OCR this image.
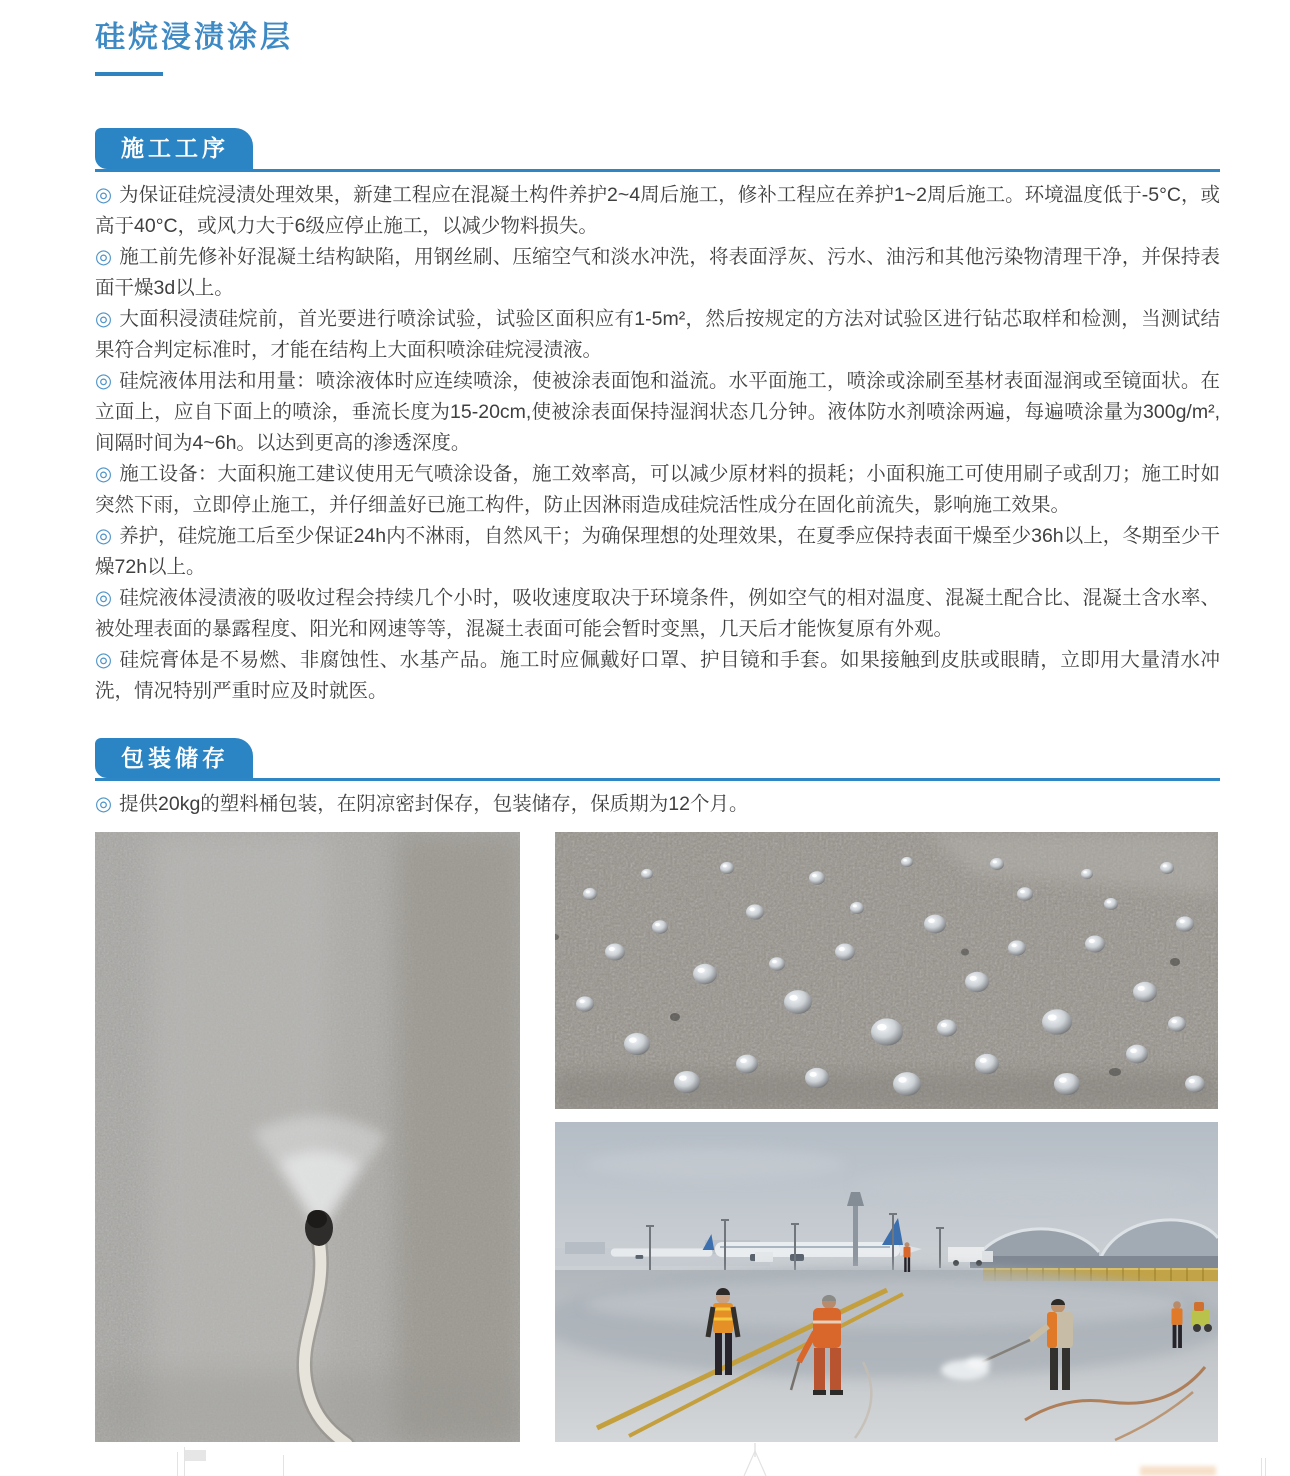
硅烷浸渍涂层
施工工序

◎ 为保证硅烷浸渍处理效果，新建工程应在混凝土构件养护2~4周后施工，修补工程应在养护1~2周后施工。环境温度低于-5°C，或高于40°C，或风力大于6级应停止施工，以减少物料损失。

◎ 施工前先修补好混凝土结构缺陷，用钢丝刷、压缩空气和淡水冲洗，将表面浮灰、污水、油污和其他污染物清理干净，并保持表面干燥3d以上。

◎ 大面积浸渍硅烷前，首光要进行喷涂试验，试验区面积应有1-5m²，然后按规定的方法对试验区进行钻芯取样和检测，当测试结果符合判定标准时，才能在结构上大面积喷涂硅烷浸渍液。

◎ 硅烷液体用法和用量：喷涂液体时应连续喷涂，使被涂表面饱和溢流。水平面施工，喷涂或涂刷至基材表面湿润或至镜面状。在立面上，应自下面上的喷涂，垂流长度为15-20cm,使被涂表面保持湿润状态几分钟。液体防水剂喷涂两遍，每遍喷涂量为300g/m²,间隔时间为4~6h。以达到更高的渗透深度。

◎ 施工设备：大面积施工建议使用无气喷涂设备，施工效率高，可以减少原材料的损耗；小面积施工可使用刷子或刮刀；施工时如突然下雨，立即停止施工，并仔细盖好已施工构件，防止因淋雨造成硅烷活性成分在固化前流失，影响施工效果。

◎ 养护，硅烷施工后至少保证24h内不淋雨，自然风干；为确保理想的处理效果，在夏季应保持表面干燥至少36h以上，冬期至少干燥72h以上。

◎ 硅烷液体浸渍液的吸收过程会持续几个小时，吸收速度取决于环境条件，例如空气的相对温度、混凝土配合比、混凝土含水率、被处理表面的暴露程度、阳光和网速等等，混凝土表面可能会暂时变黑，几天后才能恢复原有外观。

◎ 硅烷膏体是不易燃、非腐蚀性、水基产品。施工时应佩戴好口罩、护目镜和手套。如果接触到皮肤或眼睛，立即用大量清水冲洗，情况特别严重时应及时就医。

包装储存

◎ 提供20kg的塑料桶包装，在阴凉密封保存，包装储存，保质期为12个月。
